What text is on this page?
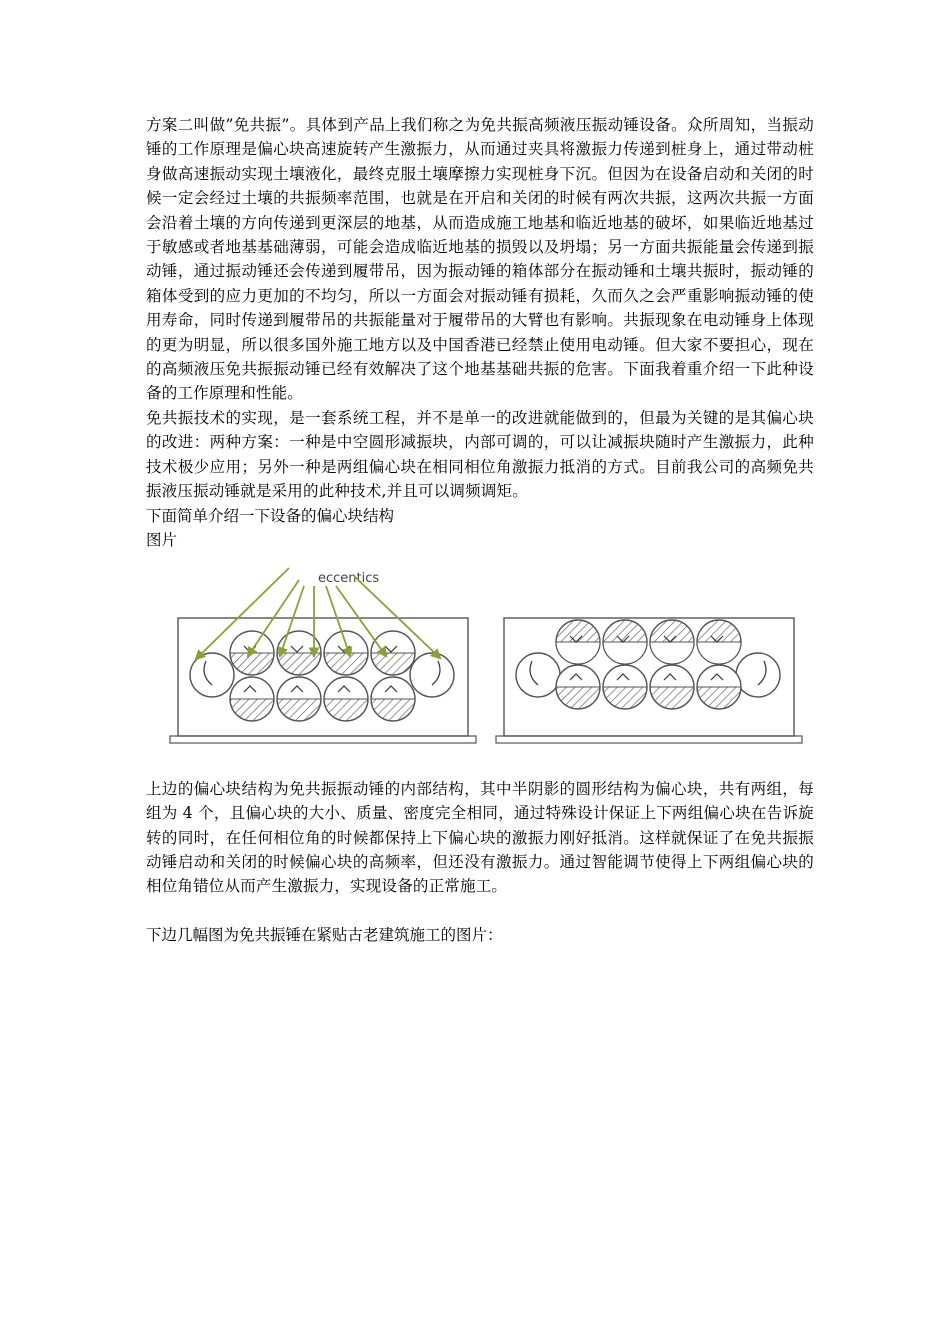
方案二叫做”免共振”。具体到产品上我们称之为免共振高频液压振动锤设备。众所周知，当振动锤的工作原理是偏心块高速旋转产生激振力，从而通过夹具将激振力传递到桩身上，通过带动桩身做高速振动实现土壤液化，最终克服土壤摩擦力实现桩身下沉。但因为在设备启动和关闭的时候一定会经过土壤的共振频率范围，也就是在开启和关闭的时候有两次共振，这两次共振一方面会沿着土壤的方向传递到更深层的地基，从而造成施工地基和临近地基的破坏，如果临近地基过于敏感或者地基基础薄弱，可能会造成临近地基的损毁以及坍塌；另一方面共振能量会传递到振动锤，通过振动锤还会传递到履带吊，因为振动锤的箱体部分在振动锤和土壤共振时，振动锤的箱体受到的应力更加的不均匀，所以一方面会对振动锤有损耗，久而久之会严重影响振动锤的使用寿命，同时传递到履带吊的共振能量对于履带吊的大臂也有影响。共振现象在电动锤身上体现的更为明显，所以很多国外施工地方以及中国香港已经禁止使用电动锤。但大家不要担心，现在的高频液压免共振振动锤已经有效解决了这个地基基础共振的危害。下面我着重介绍一下此种设备的工作原理和性能。

免共振技术的实现，是一套系统工程，并不是单一的改进就能做到的，但最为关键的是其偏心块的改进：两种方案：一种是中空圆形减振块，内部可调的，可以让减振块随时产生激振力，此种技术极少应用；另外一种是两组偏心块在相同相位角激振力抵消的方式。目前我公司的高频免共振液压振动锤就是采用的此种技术,并且可以调频调矩。

下面简单介绍一下设备的偏心块结构

图片

eccentics

上边的偏心块结构为免共振振动锤的内部结构，其中半阴影的圆形结构为偏心块，共有两组，每组为 4 个，且偏心块的大小、质量、密度完全相同，通过特殊设计保证上下两组偏心块在告诉旋转的同时，在任何相位角的时候都保持上下偏心块的激振力刚好抵消。这样就保证了在免共振振动锤启动和关闭的时候偏心块的高频率，但还没有激振力。通过智能调节使得上下两组偏心块的相位角错位从而产生激振力，实现设备的正常施工。

下边几幅图为免共振锤在紧贴古老建筑施工的图片：
